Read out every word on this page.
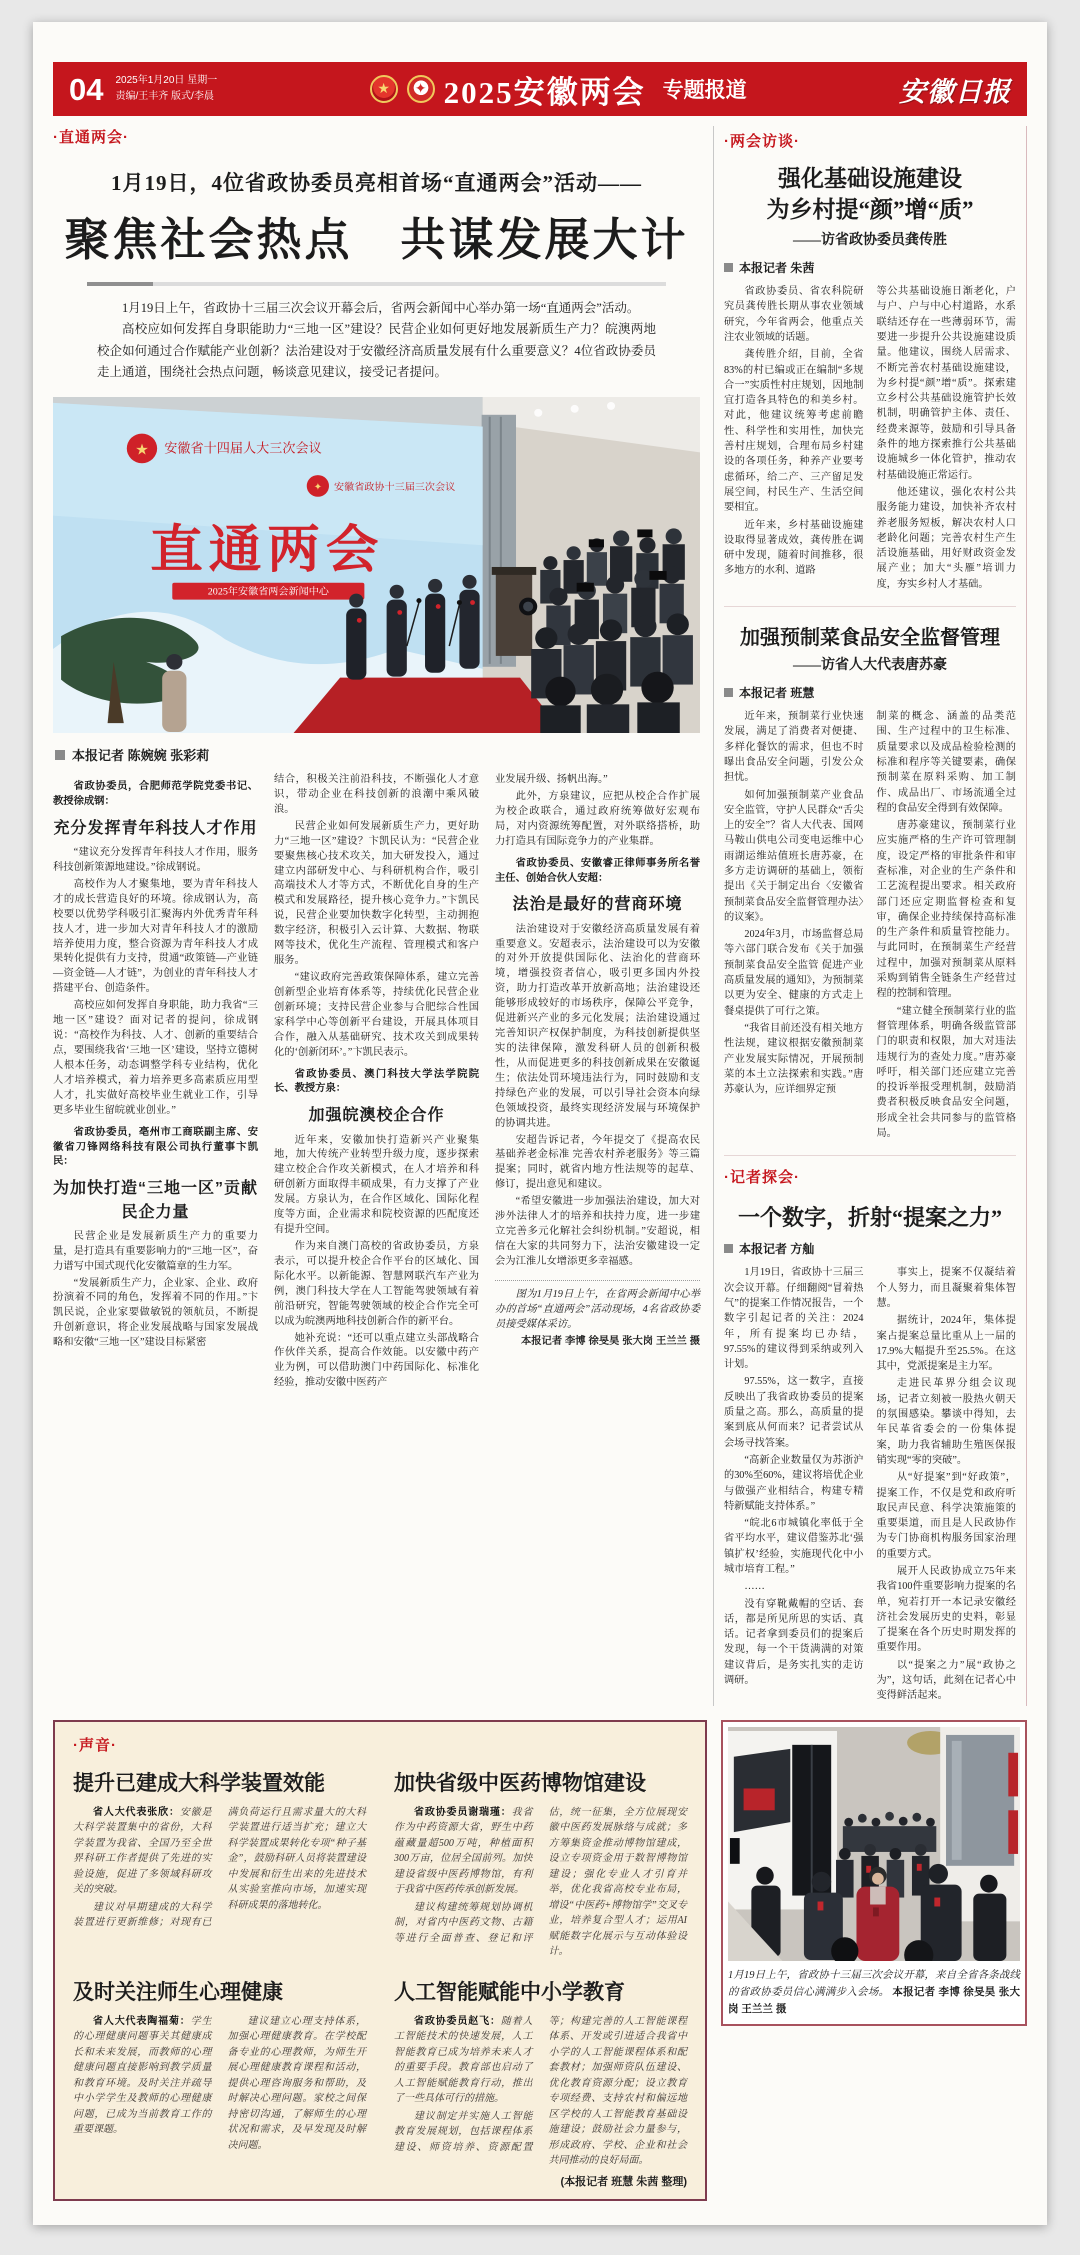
04 2025年1月20日 星期一
责编/王丰齐 版式/李晨	★	✦ 2025安徽两会 专题报道	安徽日报
·直通两会·
1月19日，4位省政协委员亮相首场“直通两会”活动——
聚焦社会热点　共谋发展大计

1月19日上午，省政协十三届三次会议开幕会后，省两会新闻中心举办第一场“直通两会”活动。

高校应如何发挥自身职能助力“三地一区”建设？民营企业如何更好地发展新质生产力？皖澳两地校企如何通过合作赋能产业创新？法治建设对于安徽经济高质量发展有什么重要意义？4位省政协委员走上通道，围绕社会热点问题，畅谈意见建议，接受记者提问。

★ 安徽省十四届人大三次会议
✦ 安徽省政协十三届三次会议
直通两会
2025年安徽省两会新闻中心
本报记者 陈婉婉 张彩莉

省政协委员，合肥师范学院党委书记、教授徐成钢：

充分发挥青年科技人才作用

“建议充分发挥青年科技人才作用，服务科技创新策源地建设。”徐成钢说。

高校作为人才聚集地，要为青年科技人才的成长营造良好的环境。徐成钢认为，高校要以优势学科吸引汇聚海内外优秀青年科技人才，进一步加大对青年科技人才的激励培养使用力度，整合资源为青年科技人才成果转化提供有力支持，贯通“政策链—产业链—资金链—人才链”，为创业的青年科技人才搭建平台、创造条件。

高校应如何发挥自身职能，助力我省“三地一区”建设？面对记者的提问，徐成钢说：“高校作为科技、人才、创新的重要结合点，要围绕我省‘三地一区’建设，坚持立德树人根本任务，动态调整学科专业结构，优化人才培养模式，着力培养更多高素质应用型人才，扎实做好高校毕业生就业工作，引导更多毕业生留皖就业创业。”

省政协委员，亳州市工商联副主席、安徽省刀锋网络科技有限公司执行董事卞凯民：

为加快打造“三地一区”贡献民企力量

民营企业是发展新质生产力的重要力量，是打造具有重要影响力的“三地一区”，奋力谱写中国式现代化安徽篇章的生力军。

“发展新质生产力，企业家、企业、政府扮演着不同的角色，发挥着不同的作用。”卞凯民说，企业家要做敏锐的领航员，不断提升创新意识，将企业发展战略与国家发展战略和安徽“三地一区”建设目标紧密

结合，积极关注前沿科技，不断强化人才意识，带动企业在科技创新的浪潮中乘风破浪。

民营企业如何发展新质生产力，更好助力“三地一区”建设？卞凯民认为：“民营企业要聚焦核心技术攻关，加大研发投入，通过建立内部研发中心、与科研机构合作，吸引高端技术人才等方式，不断优化自身的生产模式和发展路径，提升核心竞争力。”卞凯民说，民营企业要加快数字化转型，主动拥抱数字经济，积极引入云计算、大数据、物联网等技术，优化生产流程、管理模式和客户服务。

“建议政府完善政策保障体系，建立完善创新型企业培育体系等，持续优化民营企业创新环境；支持民营企业参与合肥综合性国家科学中心等创新平台建设，开展具体项目合作，融入从基础研究、技术攻关到成果转化的‘创新闭环’。”卞凯民表示。

省政协委员、澳门科技大学法学院院长、教授方泉：

加强皖澳校企合作

近年来，安徽加快打造新兴产业聚集地，加大传统产业转型升级力度，逐步探索建立校企合作攻关新模式，在人才培养和科研创新方面取得丰硕成果，有力支撑了产业发展。方泉认为，在合作区域化、国际化程度等方面，企业需求和院校资源的匹配度还有提升空间。

作为来自澳门高校的省政协委员，方泉表示，可以提升校企合作平台的区域化、国际化水平。以新能源、智慧网联汽车产业为例，澳门科技大学在人工智能驾驶领域有着前沿研究，智能驾驶领域的校企合作完全可以成为皖澳两地科技创新合作的新平台。

她补充说：“还可以重点建立头部战略合作伙伴关系，提高合作效能。以安徽中药产业为例，可以借助澳门中药国际化、标准化经验，推动安徽中医药产

业发展升级、扬帆出海。”

此外，方泉建议，应把从校企合作扩展为校企政联合，通过政府统筹做好宏观布局，对内资源统筹配置，对外联络搭桥，助力打造具有国际竞争力的产业集群。

省政协委员、安徽睿正律师事务所名誉主任、创始合伙人安超：

法治是最好的营商环境

法治建设对于安徽经济高质量发展有着重要意义。安超表示，法治建设可以为安徽的对外开放提供国际化、法治化的营商环境，增强投资者信心，吸引更多国内外投资，助力打造改革开放新高地；法治建设还能够形成较好的市场秩序，保障公平竞争，促进新兴产业的多元化发展；法治建设通过完善知识产权保护制度，为科技创新提供坚实的法律保障，激发科研人员的创新积极性，从而促进更多的科技创新成果在安徽诞生；依法处罚环境违法行为，同时鼓励和支持绿色产业的发展，可以引导社会资本向绿色领域投资，最终实现经济发展与环境保护的协调共进。

安超告诉记者，今年提交了《提高农民基础养老金标准 完善农村养老服务》等三篇提案；同时，就省内地方性法规等的起草、修订，提出意见和建议。

“希望安徽进一步加强法治建设，加大对涉外法律人才的培养和扶持力度，进一步建立完善多元化解社会纠纷机制。”安超说，相信在大家的共同努力下，法治安徽建设一定会为江淮儿女增添更多幸福感。

图为1月19日上午，在省两会新闻中心举办的首场“直通两会”活动现场，4名省政协委员接受媒体采访。

本报记者 李博 徐旻昊 张大岗 王兰兰 摄

·两会访谈·
强化基础设施建设
为乡村提“颜”增“质”
——访省政协委员龚传胜
本报记者 朱茜

省政协委员、省农科院研究员龚传胜长期从事农业领域研究，今年省两会，他重点关注农业领域的话题。

龚传胜介绍，目前，全省83%的村已编或正在编制“多规合一”实质性村庄规划，因地制宜打造各具特色的和美乡村。对此，他建议统筹考虑前瞻性、科学性和实用性，加快完善村庄规划，合理布局乡村建设的各项任务，种养产业要考虑循环，给二产、三产留足发展空间，村民生产、生活空间要相宜。

近年来，乡村基础设施建设取得显著成效，龚传胜在调研中发现，随着时间推移，很多地方的水利、道路

等公共基础设施日渐老化，户与户、户与中心村道路，水系联结还存在一些薄弱环节，需要进一步提升公共设施建设质量。他建议，围绕人居需求、不断完善农村基础设施建设，为乡村提“颜”增“质”。探索建立乡村公共基础设施管护长效机制，明确管护主体、责任、经费来源等，鼓励和引导具备条件的地方探索推行公共基础设施城乡一体化管护，推动农村基础设施正常运行。

他还建议，强化农村公共服务能力建设，加快补齐农村养老服务短板，解决农村人口老龄化问题；完善农村生产生活设施基础，用好财政资金发展产业；加大“头雁”培训力度，夯实乡村人才基础。

加强预制菜食品安全监督管理
——访省人大代表唐苏豪
本报记者 班慧

近年来，预制菜行业快速发展，满足了消费者对便捷、多样化餐饮的需求，但也不时曝出食品安全问题，引发公众担忧。

如何加强预制菜产业食品安全监管，守护人民群众“舌尖上的安全”？省人大代表、国网马鞍山供电公司变电运维中心雨湖运维站值班长唐苏豪，在多方走访调研的基础上，领衔提出《关于制定出台〈安徽省预制菜食品安全监督管理办法〉的议案》。

2024年3月，市场监督总局等六部门联合发布《关于加强预制菜食品安全监管 促进产业高质量发展的通知》，为预制菜以更为安全、健康的方式走上餐桌提供了可行之策。

“我省目前还没有相关地方性法规，建议根据安徽预制菜产业发展实际情况，开展预制菜的本土立法探索和实践。”唐苏豪认为，应详细界定预

制菜的概念、涵盖的品类范围、生产过程中的卫生标准、质量要求以及成品检验检测的标准和程序等关键要素，确保预制菜在原料采购、加工制作、成品出厂、市场流通全过程的食品安全得到有效保障。

唐苏豪建议，预制菜行业应实施严格的生产许可管理制度，设定严格的审批条件和审查标准，对企业的生产条件和工艺流程提出要求。相关政府部门还应定期监督检查和复审，确保企业持续保持高标准的生产条件和质量管控能力。与此同时，在预制菜生产经营过程中，加强对预制菜从原料采购到销售全链条生产经营过程的控制和管理。

“建立健全预制菜行业的监督管理体系，明确各级监管部门的职责和权限，加大对违法违规行为的查处力度。”唐苏豪呼吁，相关部门还应建立完善的投诉举报受理机制，鼓励消费者积极反映食品安全问题，形成全社会共同参与的监管格局。

·记者探会·
一个数字，折射“提案之力”
本报记者 方舢

1月19日，省政协十三届三次会议开幕。仔细翻阅“冒着热气”的提案工作情况报告，一个数字引起记者的关注：2024年，所有提案均已办结，97.55%的建议得到采纳或列入计划。

97.55%，这一数字，直接反映出了我省政协委员的提案质量之高。那么，高质量的提案到底从何而来？记者尝试从会场寻找答案。

“高新企业数量仅为苏浙沪的30%至60%，建议将培优企业与做强产业相结合，构建专精特新赋能支持体系。”

“皖北6市城镇化率低于全省平均水平，建议借鉴苏北‘强镇扩权’经验，实施现代化中小城市培育工程。”

……

没有穿靴戴帽的空话、套话，都是所见所思的实话、真话。记者拿到委员们的提案后发现，每一个干货满满的对策建议背后，是务实扎实的走访调研。

事实上，提案不仅凝结着个人努力，而且凝聚着集体智慧。

据统计，2024年，集体提案占提案总量比重从上一届的17.9%大幅提升至25.5%。在这其中，党派提案是主力军。

走进民革界分组会议现场，记者立刻被一股热火朝天的氛围感染。攀谈中得知，去年民革省委会的一份集体提案，助力我省辅助生殖医保报销实现“零的突破”。

从“好提案”到“好政策”，提案工作，不仅是党和政府听取民声民意、科学决策施策的重要渠道，而且是人民政协作为专门协商机构服务国家治理的重要方式。

展开人民政协成立75年来我省100件重要影响力提案的名单，宛若打开一本记录安徽经济社会发展历史的史料，彰显了提案在各个历史时期发挥的重要作用。

以“提案之力”展“政协之为”，这句话，此刻在记者心中变得鲜活起来。

·声音·
提升已建成大科学装置效能

省人大代表张欣：安徽是大科学装置集中的省份，大科学装置为我省、全国乃至全世界科研工作者提供了先进的实验设施，促进了多领域科研攻关的突破。

建议对早期建成的大科学装置进行更新维修；对现有已满负荷运行且需求量大的大科学装置进行适当扩充；建立大科学装置成果转化专项“种子基金”，鼓励科研人员将装置建设中发展和衍生出来的先进技术从实验室推向市场，加速实现科研成果的落地转化。

加快省级中医药博物馆建设

省政协委员谢瑞瑾：我省作为中药资源大省，野生中药蕴藏量超500万吨，种植面积300万亩，位居全国前列。加快建设省级中医药博物馆，有利于我省中医药传承创新发展。

建议构建统筹规划协调机制，对省内中医药文物、古籍等进行全面普查、登记和评估，统一征集，全方位展现安徽中医药发展脉络与成就；多方筹集资金推动博物馆建成，设立专项资金用于数智博物馆建设；强化专业人才引育并举，优化我省高校专业布局，增设“中医药+博物馆学”交叉专业，培养复合型人才；运用AI赋能数字化展示与互动体验设计。

及时关注师生心理健康

省人大代表陶福菊：学生的心理健康问题事关其健康成长和未来发展，而教师的心理健康问题直接影响到教学质量和教育环境。及时关注并疏导中小学学生及教师的心理健康问题，已成为当前教育工作的重要课题。

建议建立心理支持体系，加强心理健康教育。在学校配备专业的心理教师，为师生开展心理健康教育课程和活动，提供心理咨询服务和帮助，及时解决心理问题。家校之间保持密切沟通，了解师生的心理状况和需求，及早发现及时解决问题。

人工智能赋能中小学教育

省政协委员赵飞：随着人工智能技术的快速发展，人工智能教育已成为培养未来人才的重要手段。教育部也启动了人工智能赋能教育行动，推出了一些具体可行的措施。

建议制定并实施人工智能教育发展规划，包括课程体系建设、师资培养、资源配置等；构建完善的人工智能课程体系、开发或引进适合我省中小学的人工智能课程体系和配套教材；加强师资队伍建设、优化教育资源分配；设立教育专项经费、支持农村和偏远地区学校的人工智能教育基础设施建设；鼓励社会力量参与，形成政府、学校、企业和社会共同推动的良好局面。

(本报记者 班慧 朱茜 整理)
1月19日上午，省政协十三届三次会议开幕，来自全省各条战线的省政协委员信心满满步入会场。 本报记者 李博 徐旻昊 张大岗 王兰兰 摄
